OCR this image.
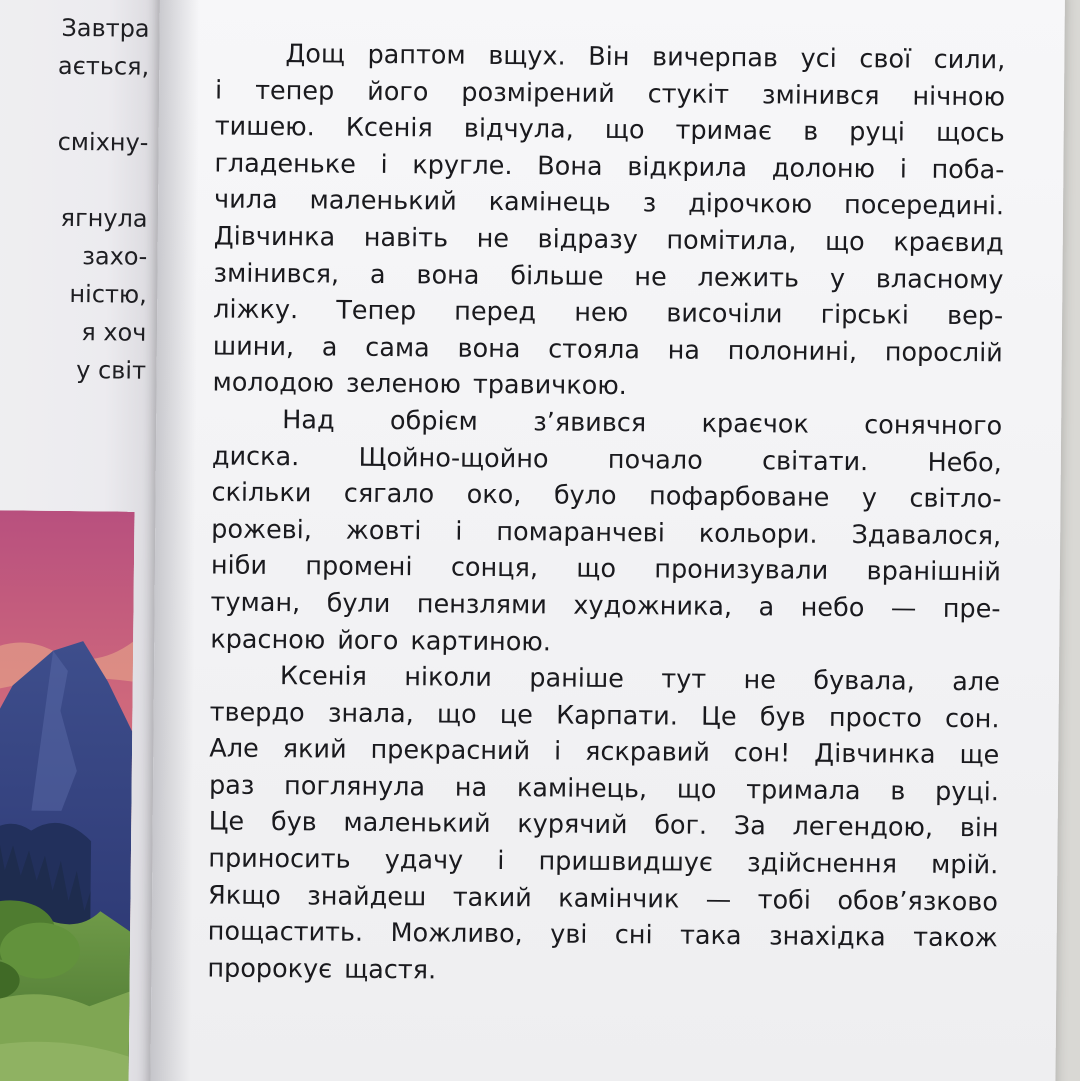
Завтра
ається,
сміхну-
ягнула
захо-
ністю,
я хоч
у світ
Дощ раптом вщух. Він вичерпав усі свої сили,
і тепер його розмірений стукіт змінився нічною
тишею. Ксенія відчула, що тримає в руці щось
гладеньке і кругле. Вона відкрила долоню і поба-
чила маленький камінець з дірочкою посередині.
Дівчинка навіть не відразу помітила, що краєвид
змінився, а вона більше не лежить у власному
ліжку. Тепер перед нею височіли гірські вер-
шини, а сама вона стояла на полонині, порослій
молодою зеленою травичкою.
Над обрієм з’явився краєчок сонячного
диска. Щойно-щойно почало світати. Небо,
скільки сягало око, було пофарбоване у світло-
рожеві, жовті і помаранчеві кольори. Здавалося,
ніби промені сонця, що пронизували вранішній
туман, були пензлями художника, а небо — пре-
красною його картиною.
Ксенія ніколи раніше тут не бувала, але
твердо знала, що це Карпати. Це був просто сон.
Але який прекрасний і яскравий сон! Дівчинка ще
раз поглянула на камінець, що тримала в руці.
Це був маленький курячий бог. За легендою, він
приносить удачу і пришвидшує здійснення мрій.
Якщо знайдеш такий камінчик — тобі обов’язково
пощастить. Можливо, уві сні така знахідка також
пророкує щастя.
